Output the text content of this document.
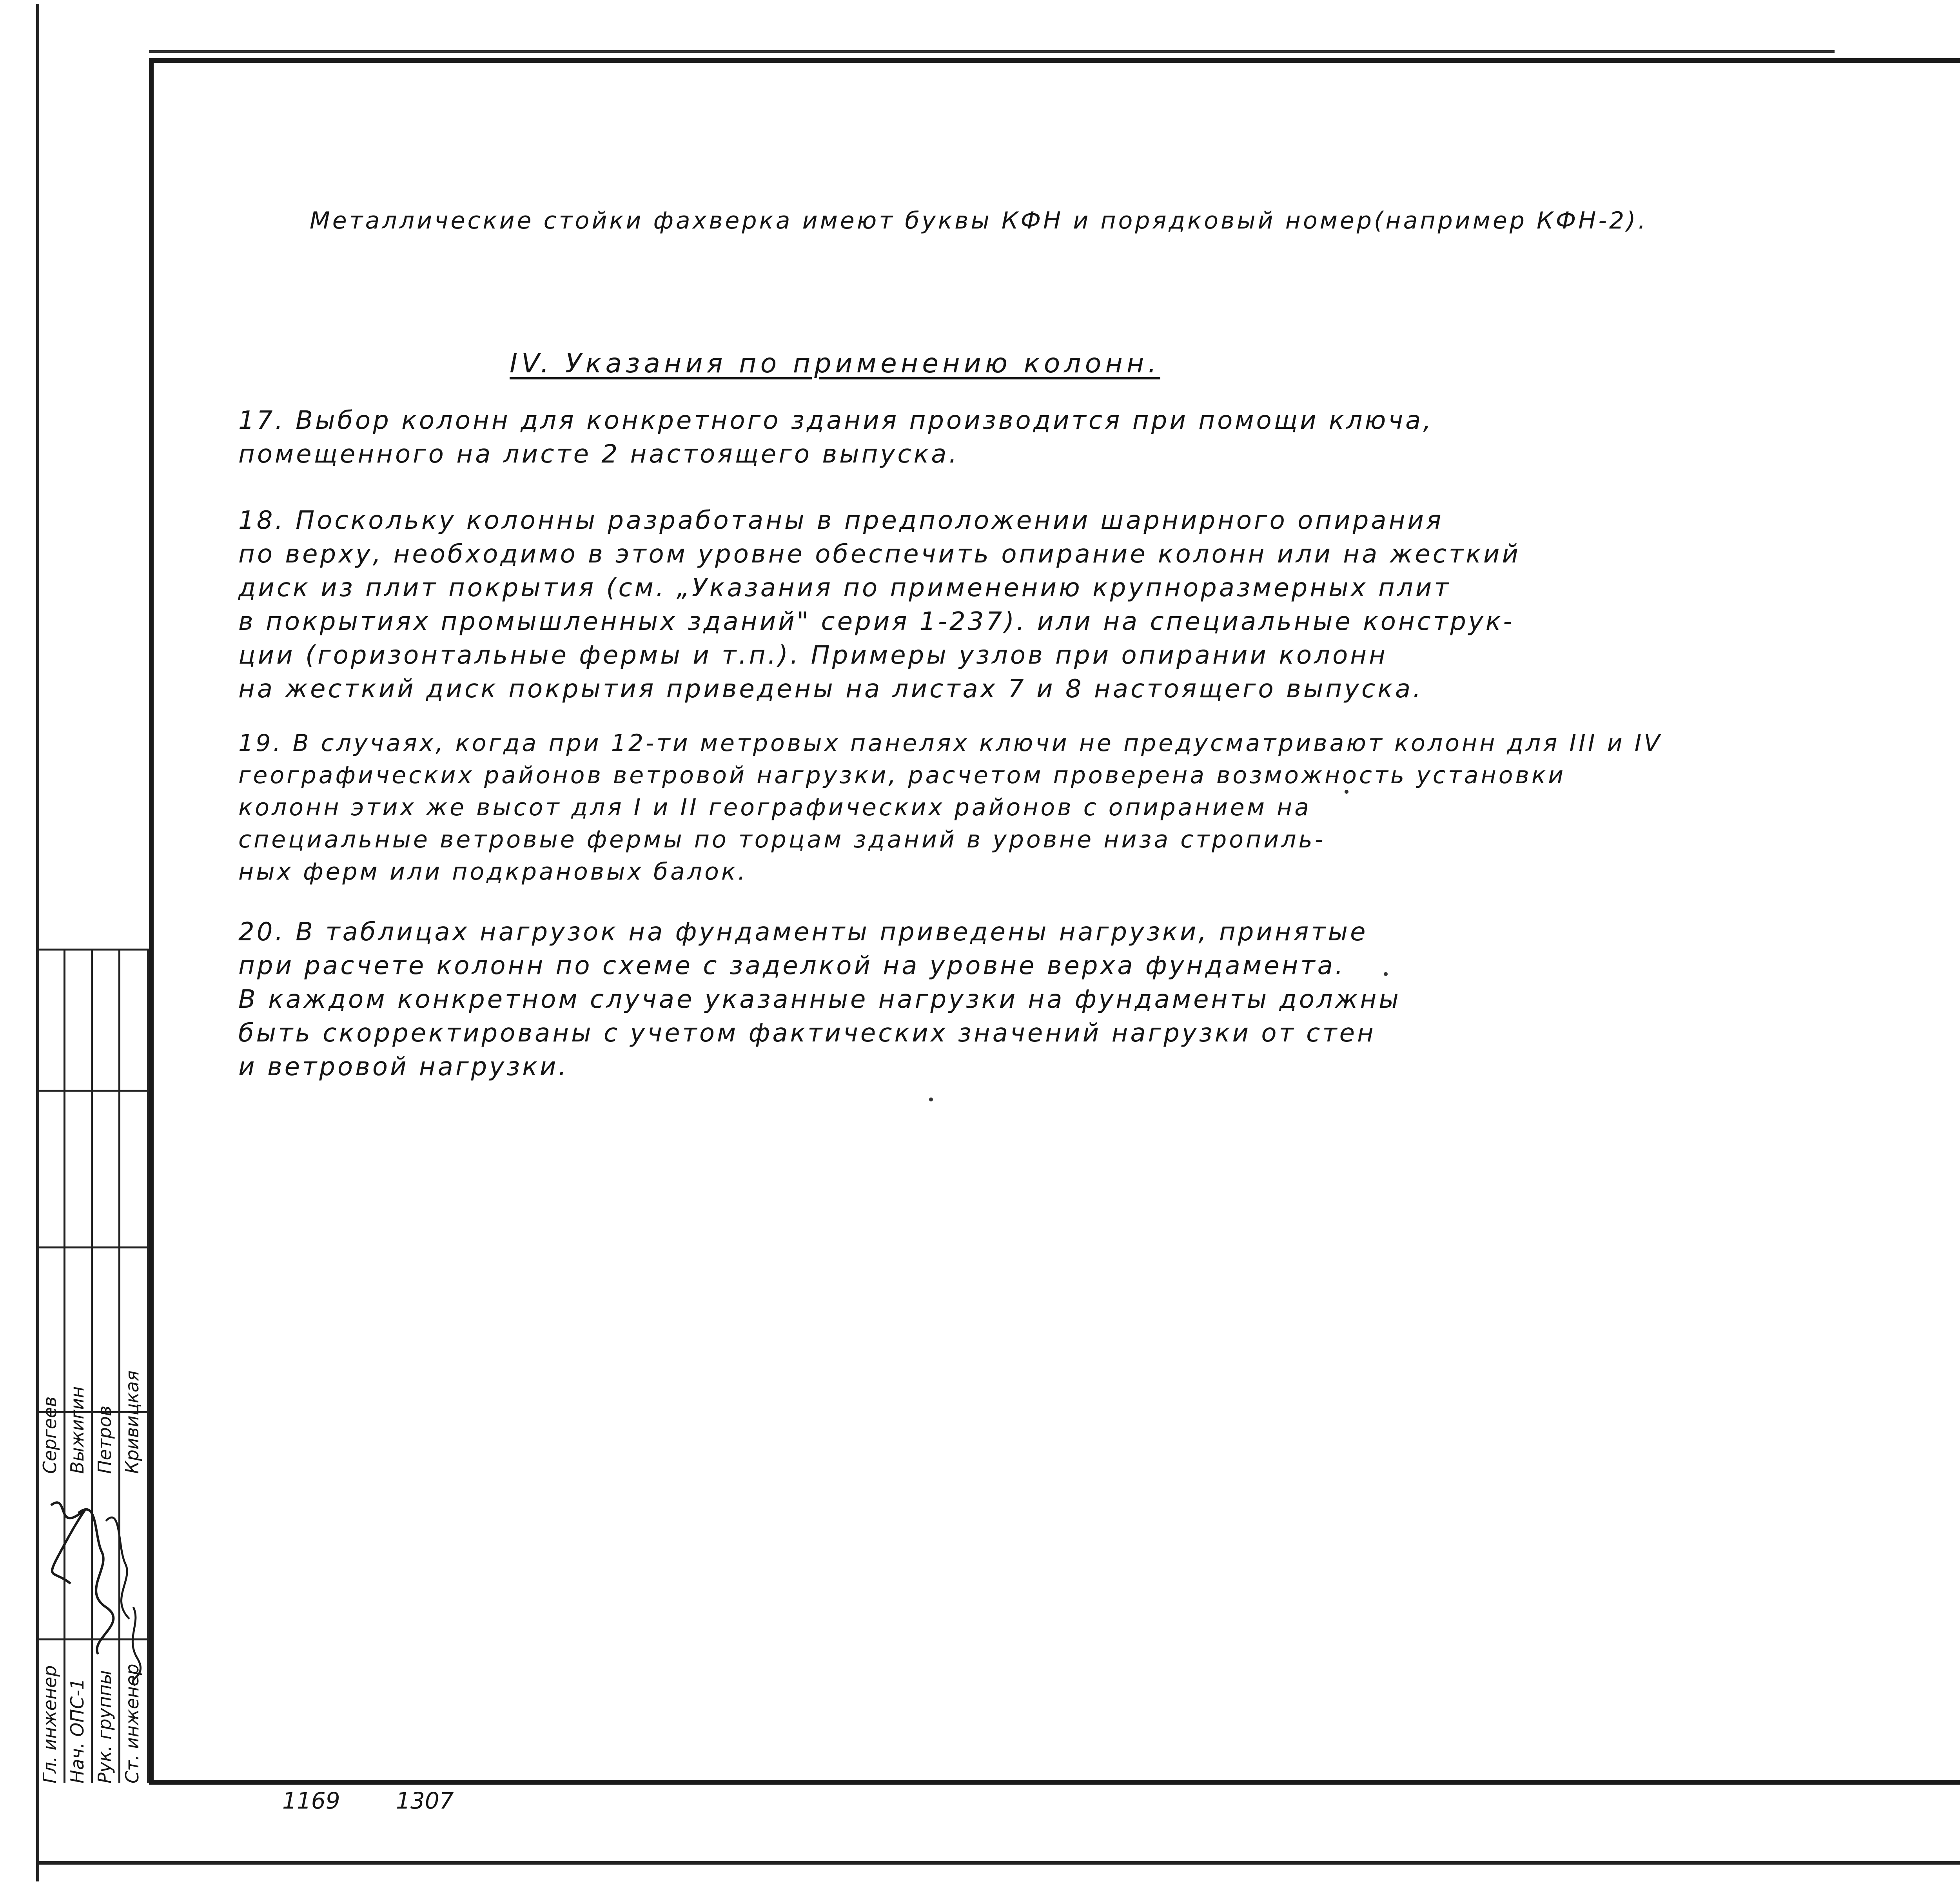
Металлические стойки фахверка имеют буквы КФН и порядковый номер(например КФН-2).
IV. Указания по применению колонн.
17. Выбор колонн для конкретного здания производится при помощи ключа,
помещенного на листе 2 настоящего выпуска.
18. Поскольку колонны разработаны в предположении шарнирного опирания
по верху, необходимо в этом уровне обеспечить опирание колонн или на жесткий
диск из плит покрытия (см. „Указания по применению крупноразмерных плит
в покрытиях промышленных зданий" серия 1-237). или на специальные конструк-
ции (горизонтальные фермы и т.п.). Примеры узлов при опирании колонн
на жесткий диск покрытия приведены на листах 7 и 8 настоящего выпуска.
19. В случаях, когда при 12-ти метровых панелях ключи не предусматривают колонн для III и IV
географических районов ветровой нагрузки, расчетом проверена возможность установки
колонн этих же высот для I и II географических районов с опиранием на
специальные ветровые фермы по торцам зданий в уровне низа стропиль-
ных ферм или подкрановых балок.
20. В таблицах нагрузок на фундаменты приведены нагрузки, принятые
при расчете колонн по схеме с заделкой на уровне верха фундамента.
В каждом конкретном случае указанные нагрузки на фундаменты должны
быть скорректированы с учетом фактических значений нагрузки от стен
и ветровой нагрузки.
Гл. инженер Нач. ОПС-1 Рук. группы Ст. инженер
Сергеев Выжигин Петров Кривицкая
1169 1307
